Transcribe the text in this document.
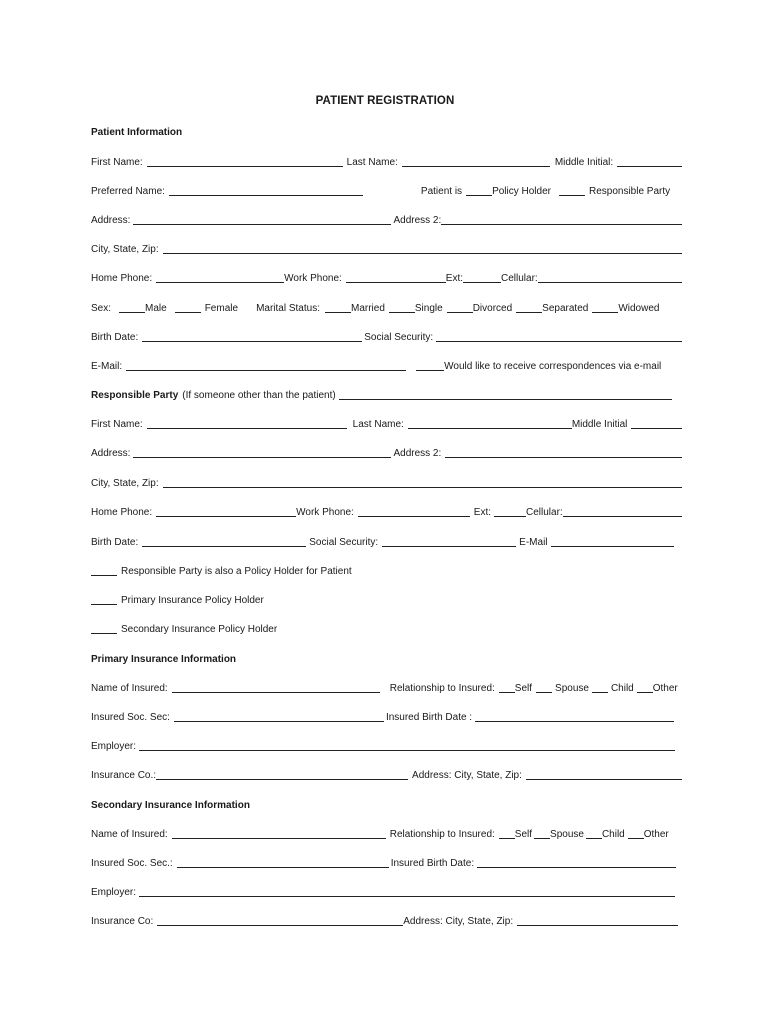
PATIENT REGISTRATION
Patient Information
First Name:	Last Name:	Middle Initial:
Preferred Name:	Patient is	Policy Holder	Responsible Party
Address:	Address 2:
City, State, Zip:
Home Phone:	Work Phone:	Ext:	Cellular:
Sex:	Male	Female Marital Status:	Married	Single	Divorced	Separated	Widowed
Birth Date:	Social Security:
E-Mail:	Would like to receive correspondences via e-mail
Responsible Party (If someone other than the patient)
First Name:	Last Name:	Middle Initial
Address:	Address 2:
City, State, Zip:
Home Phone:	Work Phone:	Ext:	Cellular:
Birth Date:	Social Security:	E-Mail
Responsible Party is also a Policy Holder for Patient
Primary Insurance Policy Holder
Secondary Insurance Policy Holder
Primary Insurance Information
Name of Insured:	Relationship to Insured: Self Spouse Child Other
Insured Soc. Sec:	Insured Birth Date :
Employer:
Insurance Co.:	Address: City, State, Zip:
Secondary Insurance Information
Name of Insured:	Relationship to Insured: Self Spouse Child Other
Insured Soc. Sec.:	Insured Birth Date:
Employer:
Insurance Co:	Address: City, State, Zip:
